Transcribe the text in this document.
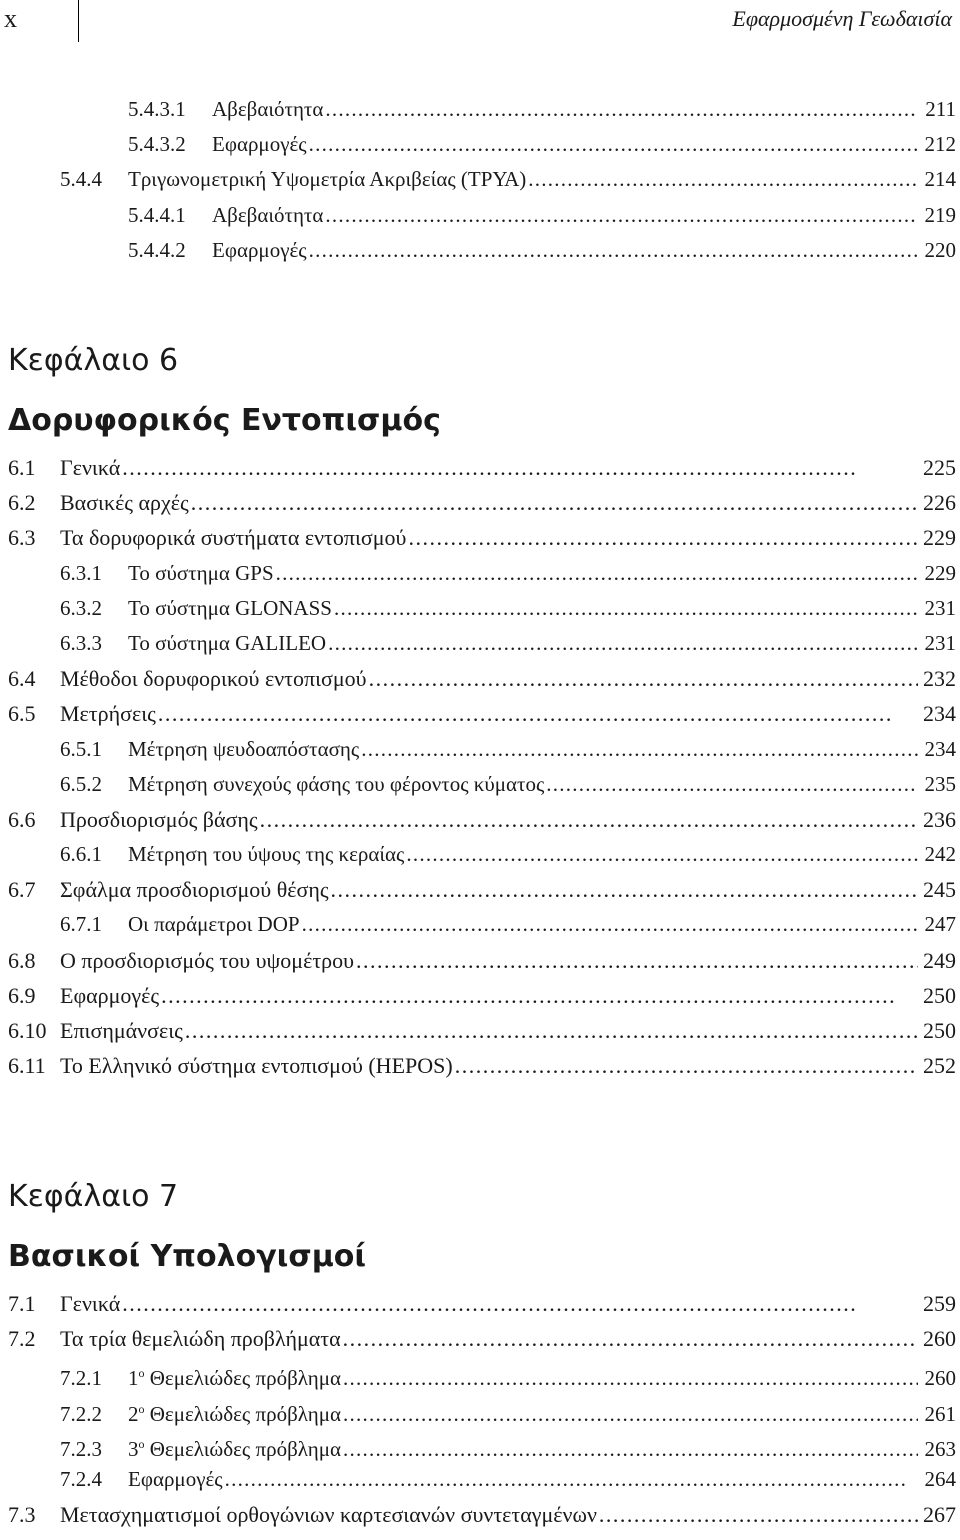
x	Εφαρμοσμένη Γεωδαισία
5.4.3.1	Αβεβαιότητα . . .	211
5.4.3.2	Εφαρμογές . . .	212
5.4.4	Τριγωνομετρική Υψομετρία Ακριβείας (ΤΡΥΑ) . . .	214
5.4.4.1	Αβεβαιότητα . . .	219
5.4.4.2	Εφαρμογές . . .	220
Κεφάλαιο 6
Δορυφορικός Εντοπισμός
6.1	Γενικά . . .	225
6.2	Βασικές αρχές . . .	226
6.3	Τα δορυφορικά συστήματα εντοπισμού . . .	229
6.3.1	Το σύστημα GPS . . .	229
6.3.2	Το σύστημα GLONASS . . .	231
6.3.3	Το σύστημα GALILEO . . .	231
6.4	Μέθοδοι δορυφορικού εντοπισμού . . .	232
6.5	Μετρήσεις . . .	234
6.5.1	Μέτρηση ψευδοαπόστασης . . .	234
6.5.2	Μέτρηση συνεχούς φάσης του φέροντος κύματος . . .	235
6.6	Προσδιορισμός βάσης . . .	236
6.6.1	Μέτρηση του ύψους της κεραίας . . .	242
6.7	Σφάλμα προσδιορισμού θέσης . . .	245
6.7.1	Οι παράμετροι DOP . . .	247
6.8	Ο προσδιορισμός του υψομέτρου . . .	249
6.9	Εφαρμογές . . .	250
6.10 Επισημάνσεις . . .	250
6.11 Το Ελληνικό σύστημα εντοπισμού (HEPOS) . . .	252
Κεφάλαιο 7
Βασικοί Υπολογισμοί
7.1	Γενικά . . .	259
7.2	Τα τρία θεμελιώδη προβλήματα . . .	260
7.2.1	$1^o$ Θεμελιώδες πρόβλημα . . .	260
7.2.2	$2^o$ Θεμελιώδες πρόβλημα . . .	261
7.2.3	$3^o$ Θεμελιώδες πρόβλημα . . .	263
7.2.4	Εφαρμογές . . .	264
7.3	Μετασχηματισμοί ορθογώνιων καρτεσιανών συντεταγμένων . . .	267
